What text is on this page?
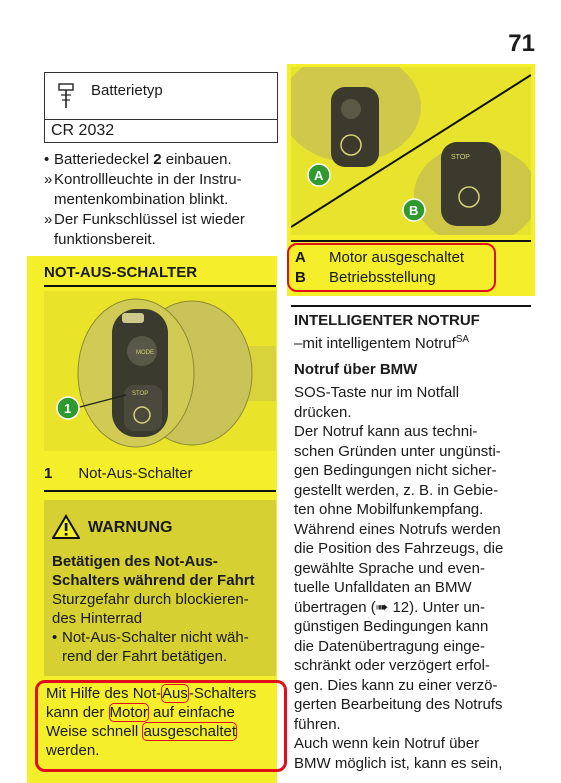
71
Batterietyp
CR 2032
• Batteriedeckel 2 einbauen.
» Kontrollleuchte in der Instru-
mentenkombination blinkt.
» Der Funkschlüssel ist wieder
funktionsbereit.
NOT-AUS-SCHALTER
MODE
STOP
1
1 Not-Aus-Schalter
WARNUNG
Betätigen des Not-Aus-
Schalters während der Fahrt
Sturzgefahr durch blockieren-
des Hinterrad
• Not-Aus-Schalter nicht wäh-
rend der Fahrt betätigen.
Mit Hilfe des Not-Aus-Schalters
kann der Motor auf einfache
Weise schnell ausgeschaltet
werden.
STOP
A
B
A Motor ausgeschaltet
B Betriebsstellung
INTELLIGENTER NOTRUF
–mit intelligentem Notruf$^{SA}$
Notruf über BMW
SOS-Taste nur im Notfall
drücken.
Der Notruf kann aus techni-
schen Gründen unter ungünsti-
gen Bedingungen nicht sicher-
gestellt werden, z. B. in Gebie-
ten ohne Mobilfunkempfang.
Während eines Notrufs werden
die Position des Fahrzeugs, die
gewählte Sprache und even-
tuelle Unfalldaten an BMW
übertragen (➠ 12). Unter un-
günstigen Bedingungen kann
die Datenübertragung einge-
schränkt oder verzögert erfol-
gen. Dies kann zu einer verzö-
gerten Bearbeitung des Notrufs
führen.
Auch wenn kein Notruf über
BMW möglich ist, kann es sein,
